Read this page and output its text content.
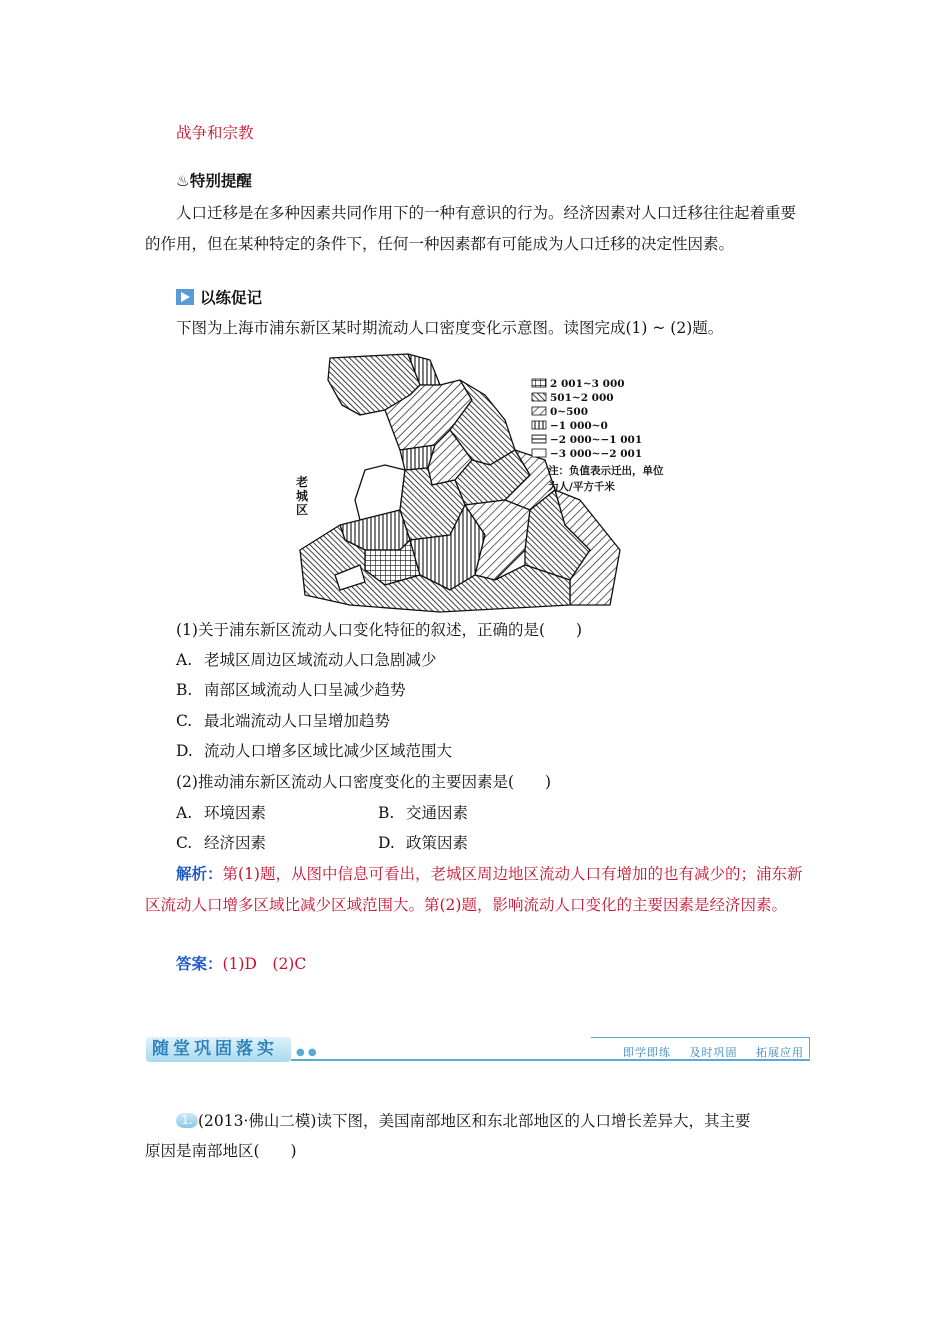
战争和宗教
♨特别提醒
人口迁移是在多种因素共同作用下的一种有意识的行为。经济因素对人口迁移往往起着重要的作用，但在某种特定的条件下，任何一种因素都有可能成为人口迁移的决定性因素。
以练促记
下图为上海市浦东新区某时期流动人口密度变化示意图。读图完成(1) ~ (2)题。
老
城
区
2 001~3 000
501~2 000
0~500
−1 000~0
−2 000~−1 001
−3 000~−2 001
注：负值表示迁出，单位
为人/平方千米
(1)关于浦东新区流动人口变化特征的叙述，正确的是(　　)
A. 老城区周边区域流动人口急剧减少
B. 南部区域流动人口呈减少趋势
C. 最北端流动人口呈增加趋势
D. 流动人口增多区域比减少区域范围大
(2)推动浦东新区流动人口密度变化的主要因素是(　　)
A. 环境因素	B. 交通因素
C. 经济因素	D. 政策因素
解析：第(1)题，从图中信息可看出，老城区周边地区流动人口有增加的也有减少的；浦东新区流动人口增多区域比减少区域范围大。第(2)题，影响流动人口变化的主要因素是经济因素。
答案：(1)D　(2)C
随堂巩固落实	● ●	即学即练 及时巩固 拓展应用
1. (2013·佛山二模)读下图，美国南部地区和东北部地区的人口增长差异大，其主要
原因是南部地区(　　)
